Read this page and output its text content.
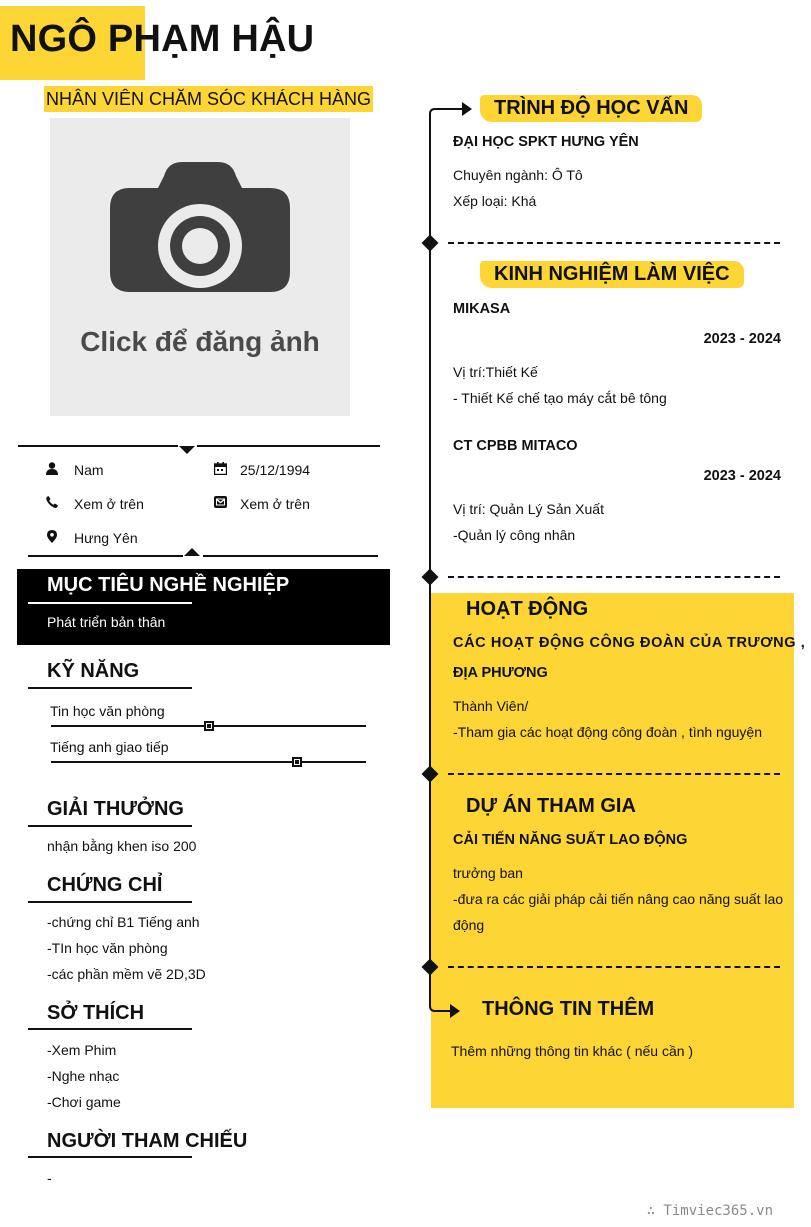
NGÔ PHẠM HẬU
NHÂN VIÊN CHĂM SÓC KHÁCH HÀNG
Click để đăng ảnh
Nam	25/12/1994
Xem ở trên	Xem ở trên
Hưng Yên
MỤC TIÊU NGHỀ NGHIỆP
Phát triển bản thân
KỸ NĂNG
Tin học văn phòng
Tiếng anh giao tiếp
GIẢI THƯỞNG
nhận bằng khen iso 200
CHỨNG CHỈ
-chứng chỉ B1 Tiếng anh
-TIn học văn phòng
-các phần mềm vẽ 2D,3D
SỞ THÍCH
-Xem Phim
-Nghe nhạc
-Chơi game
NGƯỜI THAM CHIẾU
-
TRÌNH ĐỘ HỌC VẤN
ĐẠI HỌC SPKT HƯNG YÊN
Chuyên ngành: Ô Tô
Xếp loại: Khá
KINH NGHIỆM LÀM VIỆC
MIKASA
2023 - 2024
Vị trí:Thiết Kế
- Thiết Kế chế tạo máy cắt bê tông
CT CPBB MITACO
2023 - 2024
Vị trí: Quản Lý Sản Xuất
-Quản lý công nhân
HOẠT ĐỘNG
CÁC HOẠT ĐỘNG CÔNG ĐOÀN CỦA TRƯƠNG ,
ĐỊA PHƯƠNG
Thành Viên/
-Tham gia các hoạt động công đoàn , tình nguyện
DỰ ÁN THAM GIA
CẢI TIẾN NĂNG SUẤT LAO ĐỘNG
trưởng ban
-đưa ra các giải pháp cải tiến nâng cao năng suất lao
động
THÔNG TIN THÊM
Thêm những thông tin khác ( nếu cần )
∴ Timviec365.vn
